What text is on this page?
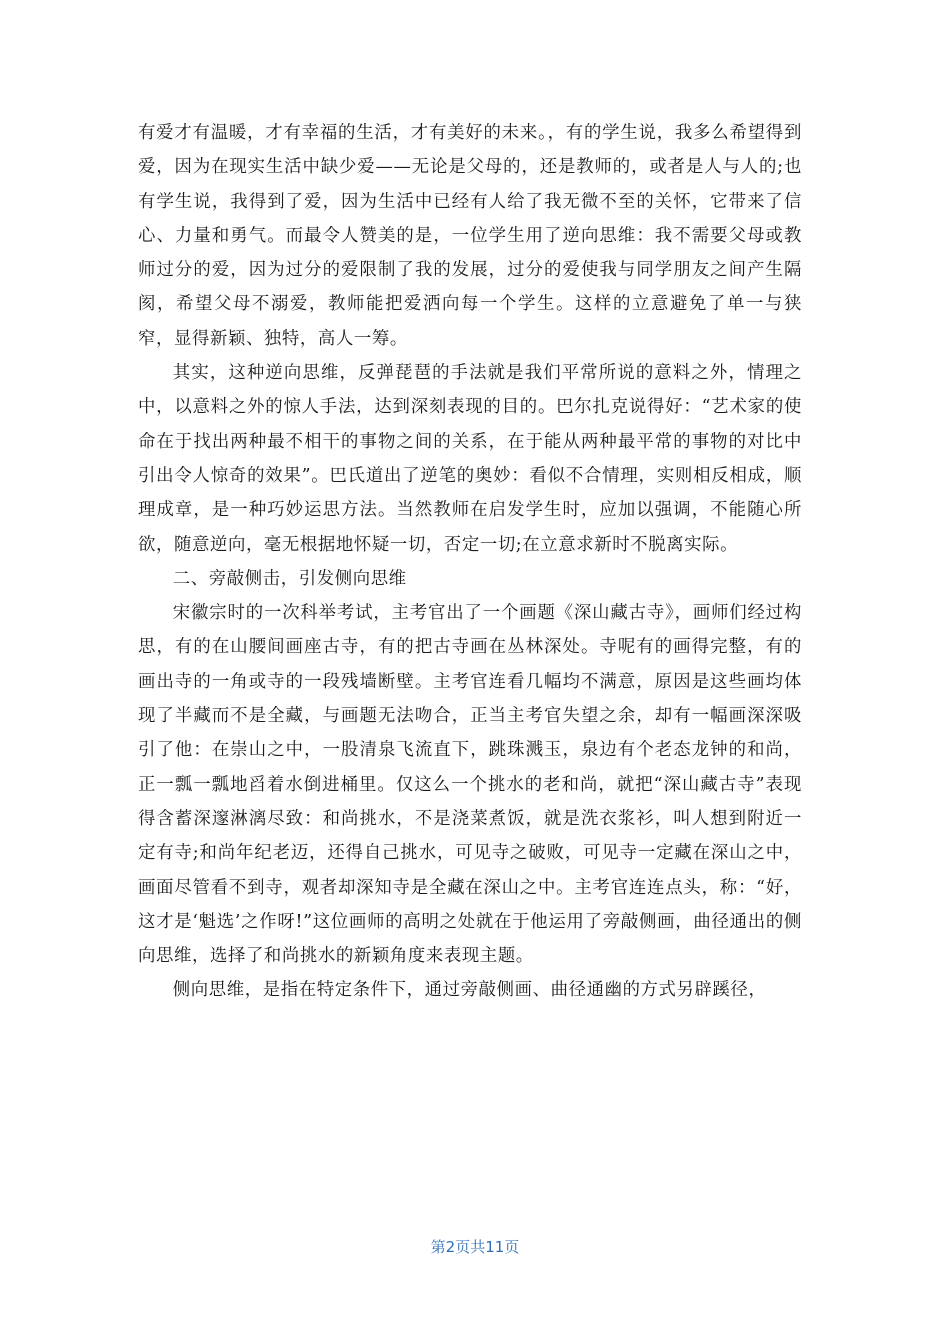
有爱才有温暖，才有幸福的生活，才有美好的未来。，有的学生说，我多么希望得到爱，因为在现实生活中缺少爱——无论是父母的，还是教师的，或者是人与人的;也有学生说，我得到了爱，因为生活中已经有人给了我无微不至的关怀，它带来了信心、力量和勇气。而最令人赞美的是，一位学生用了逆向思维：我不需要父母或教师过分的爱，因为过分的爱限制了我的发展，过分的爱使我与同学朋友之间产生隔阂，希望父母不溺爱，教师能把爱洒向每一个学生。这样的立意避免了单一与狭窄，显得新颖、独特，高人一筹。

其实，这种逆向思维，反弹琵琶的手法就是我们平常所说的意料之外，情理之中，以意料之外的惊人手法，达到深刻表现的目的。巴尔扎克说得好：“艺术家的使命在于找出两种最不相干的事物之间的关系，在于能从两种最平常的事物的对比中引出令人惊奇的效果”。巴氏道出了逆笔的奥妙：看似不合情理，实则相反相成，顺理成章，是一种巧妙运思方法。当然教师在启发学生时，应加以强调，不能随心所欲，随意逆向，毫无根据地怀疑一切，否定一切;在立意求新时不脱离实际。

二、旁敲侧击，引发侧向思维

宋徽宗时的一次科举考试，主考官出了一个画题《深山藏古寺》，画师们经过构思，有的在山腰间画座古寺，有的把古寺画在丛林深处。寺呢有的画得完整，有的画出寺的一角或寺的一段残墙断壁。主考官连看几幅均不满意，原因是这些画均体现了半藏而不是全藏，与画题无法吻合，正当主考官失望之余，却有一幅画深深吸引了他：在崇山之中，一股清泉飞流直下，跳珠溅玉，泉边有个老态龙钟的和尚，正一瓢一瓢地舀着水倒进桶里。仅这么一个挑水的老和尚，就把“深山藏古寺”表现得含蓄深邃淋漓尽致：和尚挑水，不是浇菜煮饭，就是洗衣浆衫，叫人想到附近一定有寺;和尚年纪老迈，还得自己挑水，可见寺之破败，可见寺一定藏在深山之中，画面尽管看不到寺，观者却深知寺是全藏在深山之中。主考官连连点头，称：“好，这才是‘魁选’之作呀!”这位画师的高明之处就在于他运用了旁敲侧画，曲径通出的侧向思维，选择了和尚挑水的新颖角度来表现主题。

侧向思维，是指在特定条件下，通过旁敲侧画、曲径通幽的方式另辟蹊径，

第2页共11页
